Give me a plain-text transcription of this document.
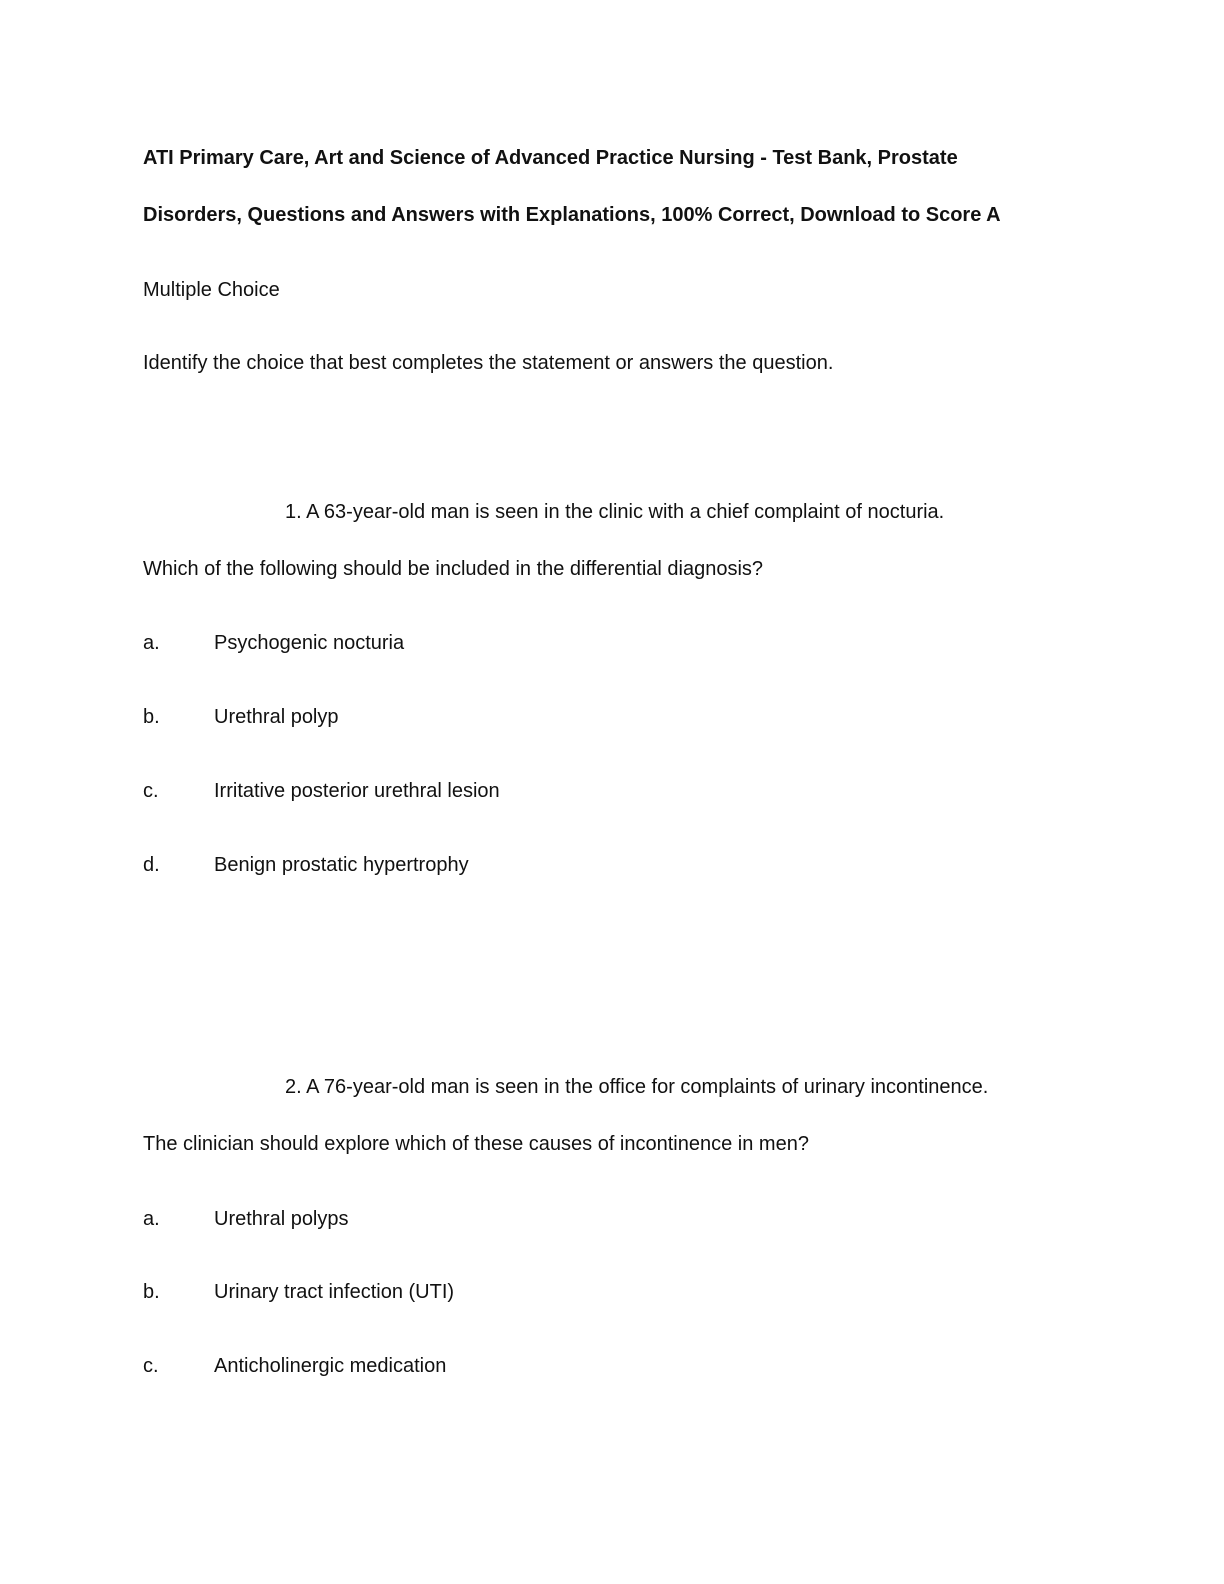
ATI Primary Care, Art and Science of Advanced Practice Nursing - Test Bank, Prostate
Disorders, Questions and Answers with Explanations, 100% Correct, Download to Score A
Multiple Choice
Identify the choice that best completes the statement or answers the question.
1. A 63-year-old man is seen in the clinic with a chief complaint of nocturia.
Which of the following should be included in the differential diagnosis?
a.	Psychogenic nocturia
b.	Urethral polyp
c.	Irritative posterior urethral lesion
d.	Benign prostatic hypertrophy
2. A 76-year-old man is seen in the office for complaints of urinary incontinence.
The clinician should explore which of these causes of incontinence in men?
a.	Urethral polyps
b.	Urinary tract infection (UTI)
c.	Anticholinergic medication
